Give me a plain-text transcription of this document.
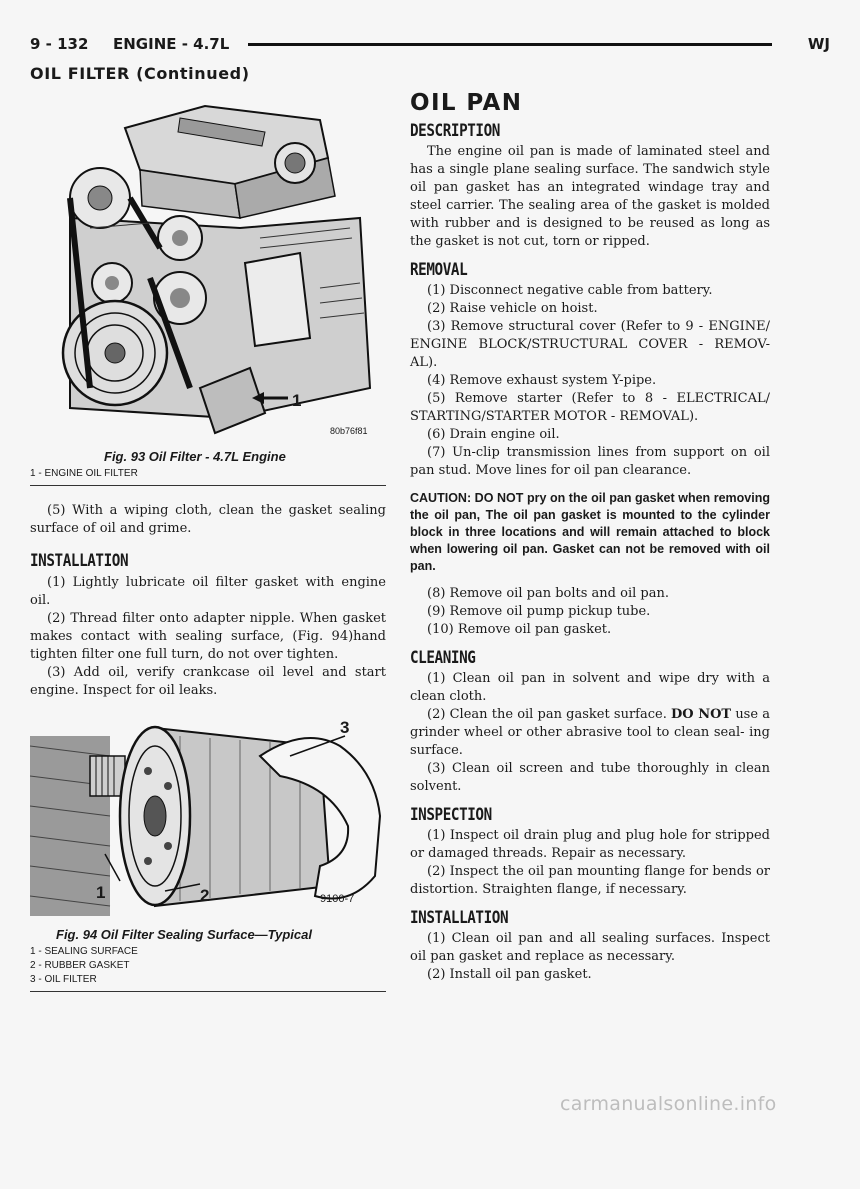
9 - 132 ENGINE - 4.7L	WJ
OIL FILTER (Continued)
1
80b76f81
Fig. 93 Oil Filter - 4.7L Engine
1 - ENGINE OIL FILTER

(5) With a wiping cloth, clean the gasket sealing surface of oil and grime.

INSTALLATION

(1) Lightly lubricate oil filter gasket with engine oil.

(2) Thread filter onto adapter nipple. When gasket makes contact with sealing surface, (Fig. 94)hand tighten filter one full turn, do not over tighten.

(3) Add oil, verify crankcase oil level and start engine. Inspect for oil leaks.

1	2
3
9100-7
Fig. 94 Oil Filter Sealing Surface—Typical
1 - SEALING SURFACE
2 - RUBBER GASKET
3 - OIL FILTER
OIL PAN
DESCRIPTION

The engine oil pan is made of laminated steel and has a single plane sealing surface. The sandwich style oil pan gasket has an integrated windage tray and steel carrier. The sealing area of the gasket is molded with rubber and is designed to be reused as long as the gasket is not cut, torn or ripped.

REMOVAL

(1) Disconnect negative cable from battery.

(2) Raise vehicle on hoist.

(3) Remove structural cover (Refer to 9 - ENGINE/ ENGINE BLOCK/STRUCTURAL COVER - REMOV- AL).

(4) Remove exhaust system Y-pipe.

(5) Remove starter (Refer to 8 - ELECTRICAL/ STARTING/STARTER MOTOR - REMOVAL).

(6) Drain engine oil.

(7) Un-clip transmission lines from support on oil pan stud. Move lines for oil pan clearance.

CAUTION: DO NOT pry on the oil pan gasket when removing the oil pan, The oil pan gasket is mounted to the cylinder block in three locations and will remain attached to block when lowering oil pan. Gasket can not be removed with oil pan.

(8) Remove oil pan bolts and oil pan.

(9) Remove oil pump pickup tube.

(10) Remove oil pan gasket.

CLEANING

(1) Clean oil pan in solvent and wipe dry with a clean cloth.

(2) Clean the oil pan gasket surface. DO NOT use a grinder wheel or other abrasive tool to clean seal- ing surface.

(3) Clean oil screen and tube thoroughly in clean solvent.

INSPECTION

(1) Inspect oil drain plug and plug hole for stripped or damaged threads. Repair as necessary.

(2) Inspect the oil pan mounting flange for bends or distortion. Straighten flange, if necessary.

INSTALLATION

(1) Clean oil pan and all sealing surfaces. Inspect oil pan gasket and replace as necessary.

(2) Install oil pan gasket.

carmanualsonline.info
